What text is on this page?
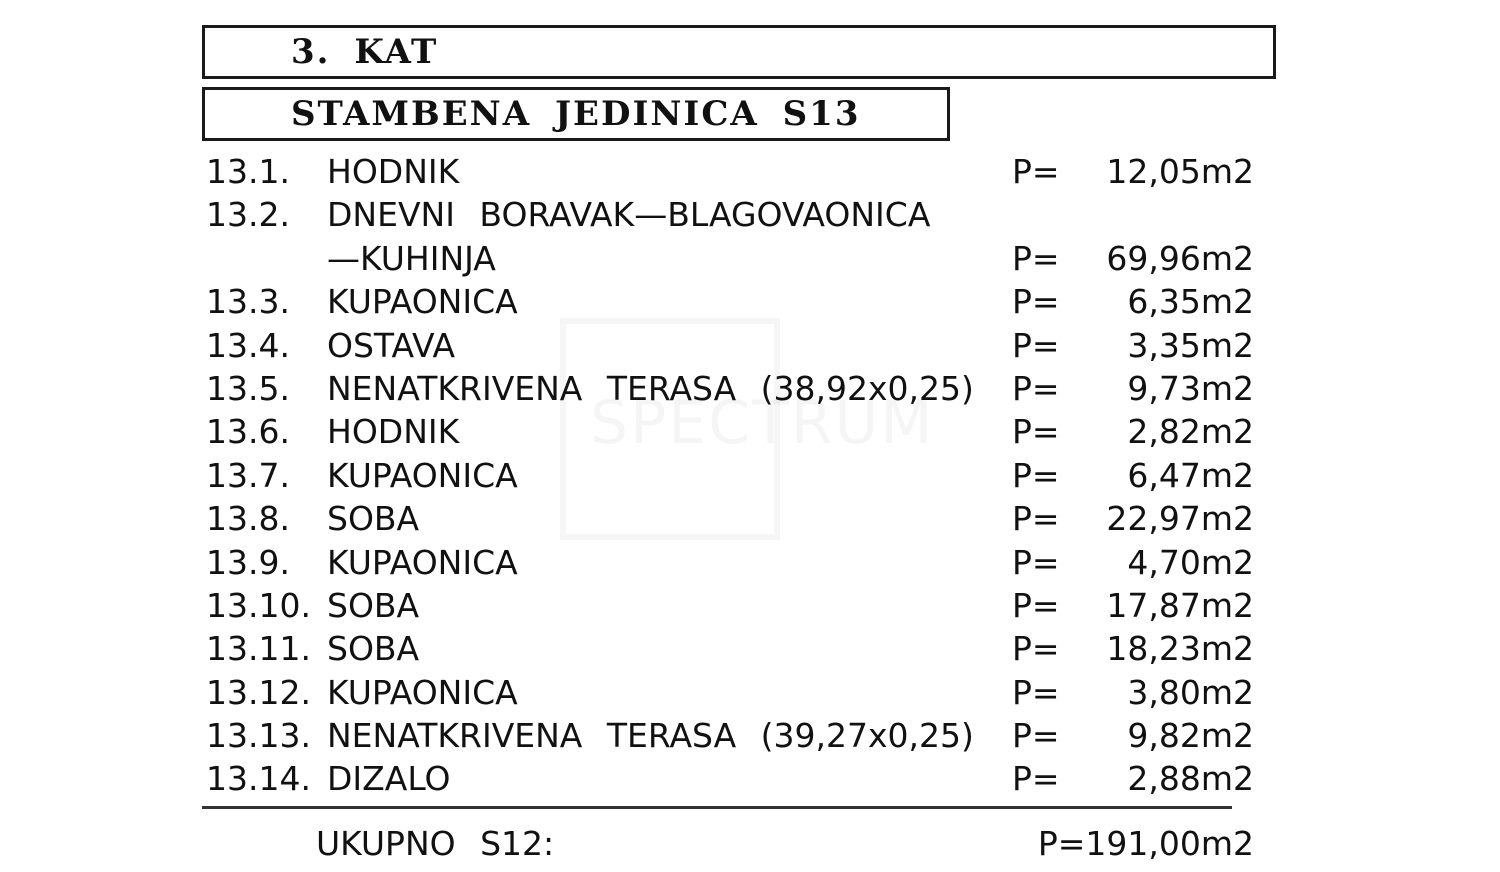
3. KAT
STAMBENA JEDINICA S13
13.1. HODNIK	P= 12,05m2
13.2. DNEVNI BORAVAK—BLAGOVAONICA
—KUHINJA	P= 69,96m2
13.3. KUPAONICA	P= 6,35m2
13.4. OSTAVA	P= 3,35m2
13.5. NENATKRIVENA TERASA (38,92x0,25) P= 9,73m2
13.6. HODNIK	P= 2,82m2
13.7. KUPAONICA	P= 6,47m2
13.8. SOBA	P= 22,97m2
13.9. KUPAONICA	P= 4,70m2
13.10. SOBA	P= 17,87m2
13.11. SOBA	P= 18,23m2
13.12. KUPAONICA	P= 3,80m2
13.13. NENATKRIVENA TERASA (39,27x0,25) P= 9,82m2
13.14. DIZALO	P= 2,88m2
UKUPNO S12:	P=191,00m2
